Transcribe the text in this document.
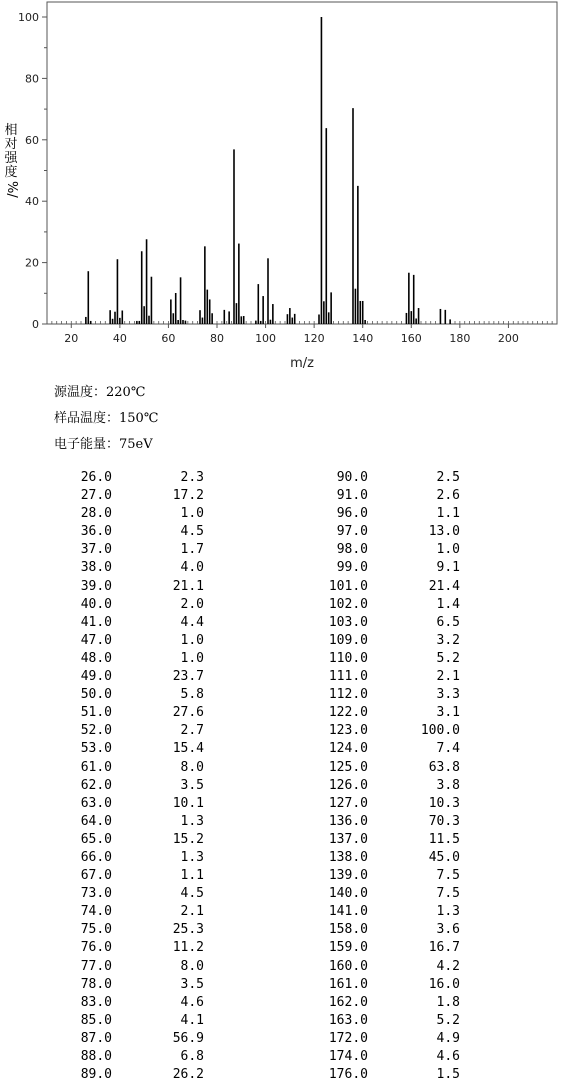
0
20
40
60
80
100
20	40	60	80	100	120	140	160	180	200
m/z
相
对
强
度
%/
源温度：220℃
样品温度：150℃
电子能量：75eV
26.0	2.3
27.0	17.2
28.0	1.0
36.0	4.5
37.0	1.7
38.0	4.0
39.0	21.1
40.0	2.0
41.0	4.4
47.0	1.0
48.0	1.0
49.0	23.7
50.0	5.8
51.0	27.6
52.0	2.7
53.0	15.4
61.0	8.0
62.0	3.5
63.0	10.1
64.0	1.3
65.0	15.2
66.0	1.3
67.0	1.1
73.0	4.5
74.0	2.1
75.0	25.3
76.0	11.2
77.0	8.0
78.0	3.5
83.0	4.6
85.0	4.1
87.0	56.9
88.0	6.8
89.0	26.2
90.0	2.5
91.0	2.6
96.0	1.1
97.0	13.0
98.0	1.0
99.0	9.1
101.0	21.4
102.0	1.4
103.0	6.5
109.0	3.2
110.0	5.2
111.0	2.1
112.0	3.3
122.0	3.1
123.0	100.0
124.0	7.4
125.0	63.8
126.0	3.8
127.0	10.3
136.0	70.3
137.0	11.5
138.0	45.0
139.0	7.5
140.0	7.5
141.0	1.3
158.0	3.6
159.0	16.7
160.0	4.2
161.0	16.0
162.0	1.8
163.0	5.2
172.0	4.9
174.0	4.6
176.0	1.5
